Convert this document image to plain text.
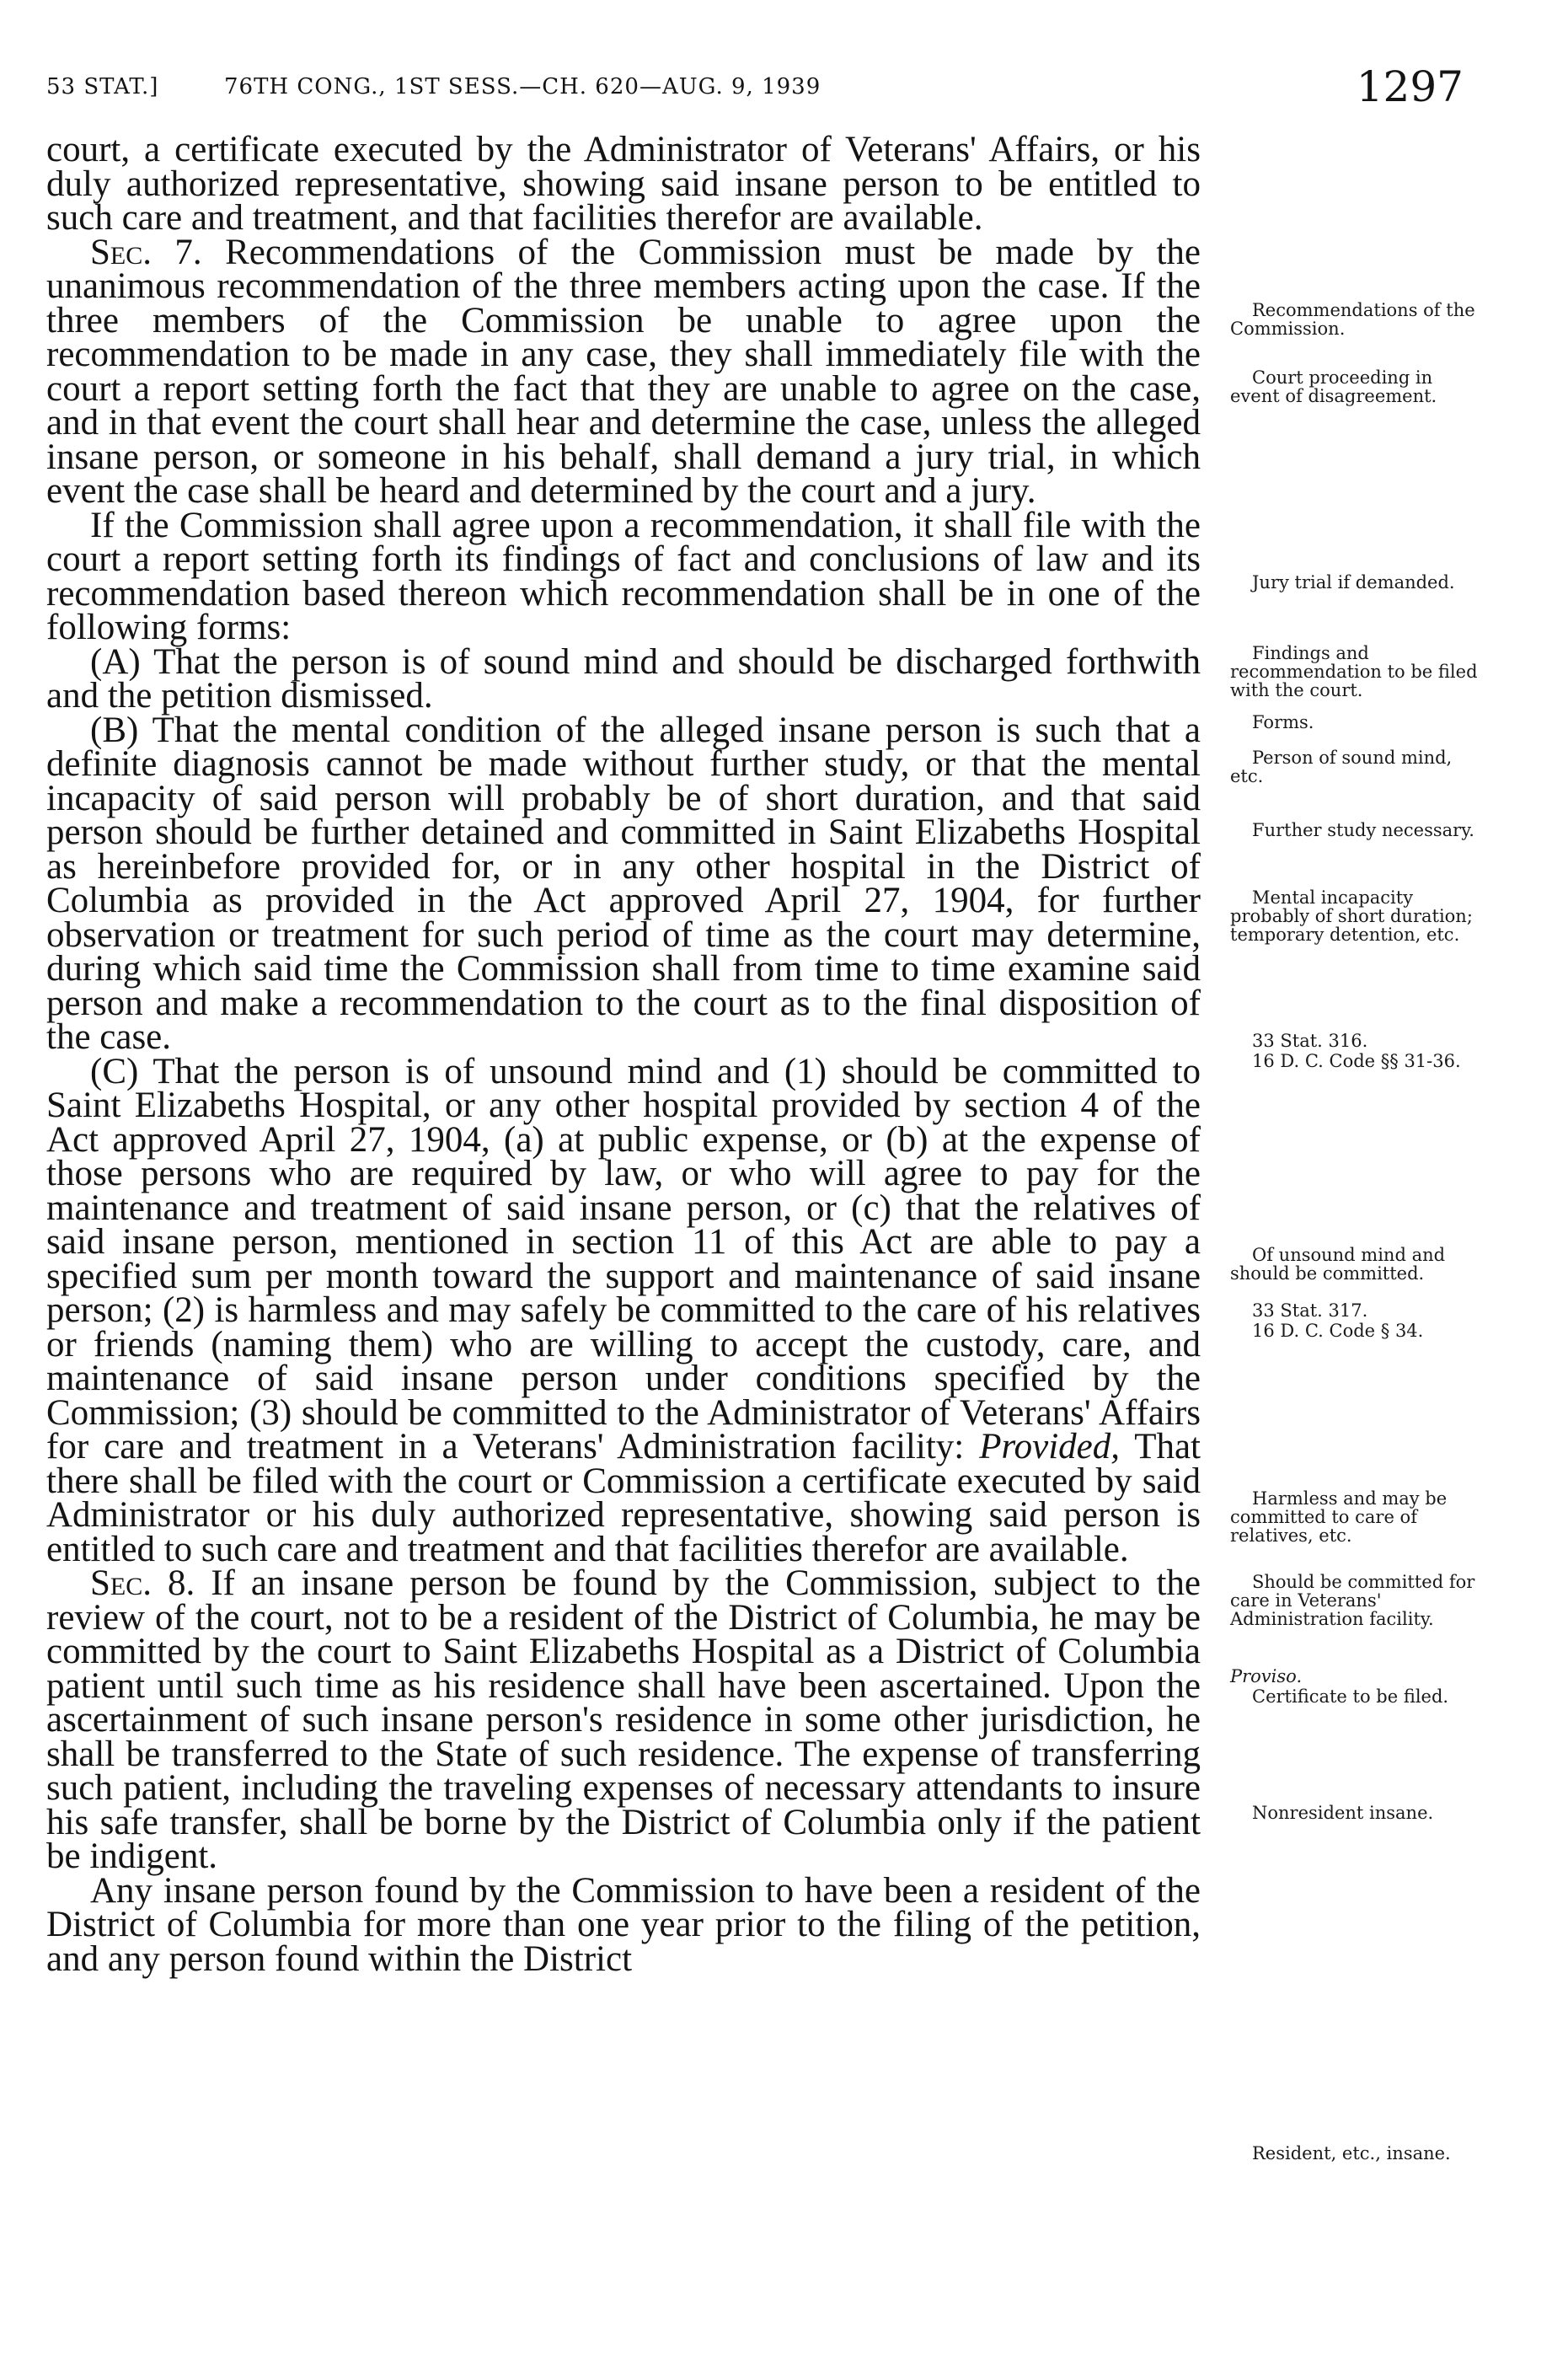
53 STAT.]	76TH CONG., 1ST SESS.—CH. 620—AUG. 9, 1939	1297

court, a certificate executed by the Administrator of Veterans' Affairs, or his duly authorized representative, showing said insane person to be entitled to such care and treatment, and that facilities therefor are available.

Sec. 7. Recommendations of the Commission must be made by the unanimous recommendation of the three members acting upon the case. If the three members of the Commission be unable to agree upon the recommendation to be made in any case, they shall immediately file with the court a report setting forth the fact that they are unable to agree on the case, and in that event the court shall hear and determine the case, unless the alleged insane person, or someone in his behalf, shall demand a jury trial, in which event the case shall be heard and determined by the court and a jury.

If the Commission shall agree upon a recommendation, it shall file with the court a report setting forth its findings of fact and conclusions of law and its recommendation based thereon which recommendation shall be in one of the following forms:

(A) That the person is of sound mind and should be discharged forthwith and the petition dismissed.

(B) That the mental condition of the alleged insane person is such that a definite diagnosis cannot be made without further study, or that the mental incapacity of said person will probably be of short duration, and that said person should be further detained and committed in Saint Elizabeths Hospital as hereinbefore provided for, or in any other hospital in the District of Columbia as provided in the Act approved April 27, 1904, for further observation or treatment for such period of time as the court may determine, during which said time the Commission shall from time to time examine said person and make a recommendation to the court as to the final disposition of the case.

(C) That the person is of unsound mind and (1) should be committed to Saint Elizabeths Hospital, or any other hospital provided by section 4 of the Act approved April 27, 1904, (a) at public expense, or (b) at the expense of those persons who are required by law, or who will agree to pay for the maintenance and treatment of said insane person, or (c) that the relatives of said insane person, mentioned in section 11 of this Act are able to pay a specified sum per month toward the support and maintenance of said insane person; (2) is harmless and may safely be committed to the care of his relatives or friends (naming them) who are willing to accept the custody, care, and maintenance of said insane person under conditions specified by the Commission; (3) should be committed to the Administrator of Veterans' Affairs for care and treatment in a Veterans' Administration facility: Provided, That there shall be filed with the court or Commission a certificate executed by said Administrator or his duly authorized representative, showing said person is entitled to such care and treatment and that facilities therefor are available.

Sec. 8. If an insane person be found by the Commission, subject to the review of the court, not to be a resident of the District of Columbia, he may be committed by the court to Saint Elizabeths Hospital as a District of Columbia patient until such time as his residence shall have been ascertained. Upon the ascertainment of such insane person's residence in some other jurisdiction, he shall be transferred to the State of such residence. The expense of transferring such patient, including the traveling expenses of necessary attendants to insure his safe transfer, shall be borne by the District of Columbia only if the patient be indigent.

Any insane person found by the Commission to have been a resident of the District of Columbia for more than one year prior to the filing of the petition, and any person found within the District

Recommendations of the Commission.

Court proceeding in event of disagreement.

Jury trial if demanded.

Findings and recommendation to be filed with the court.

Forms.

Person of sound mind, etc.

Further study necessary.

Mental incapacity probably of short duration; temporary detention, etc.

33 Stat. 316.

16 D. C. Code §§ 31-36.

Of unsound mind and should be committed.

33 Stat. 317.

16 D. C. Code § 34.

Harmless and may be committed to care of relatives, etc.

Should be committed for care in Veterans' Administration facility.

Proviso.

Certificate to be filed.

Nonresident insane.

Resident, etc., insane.
